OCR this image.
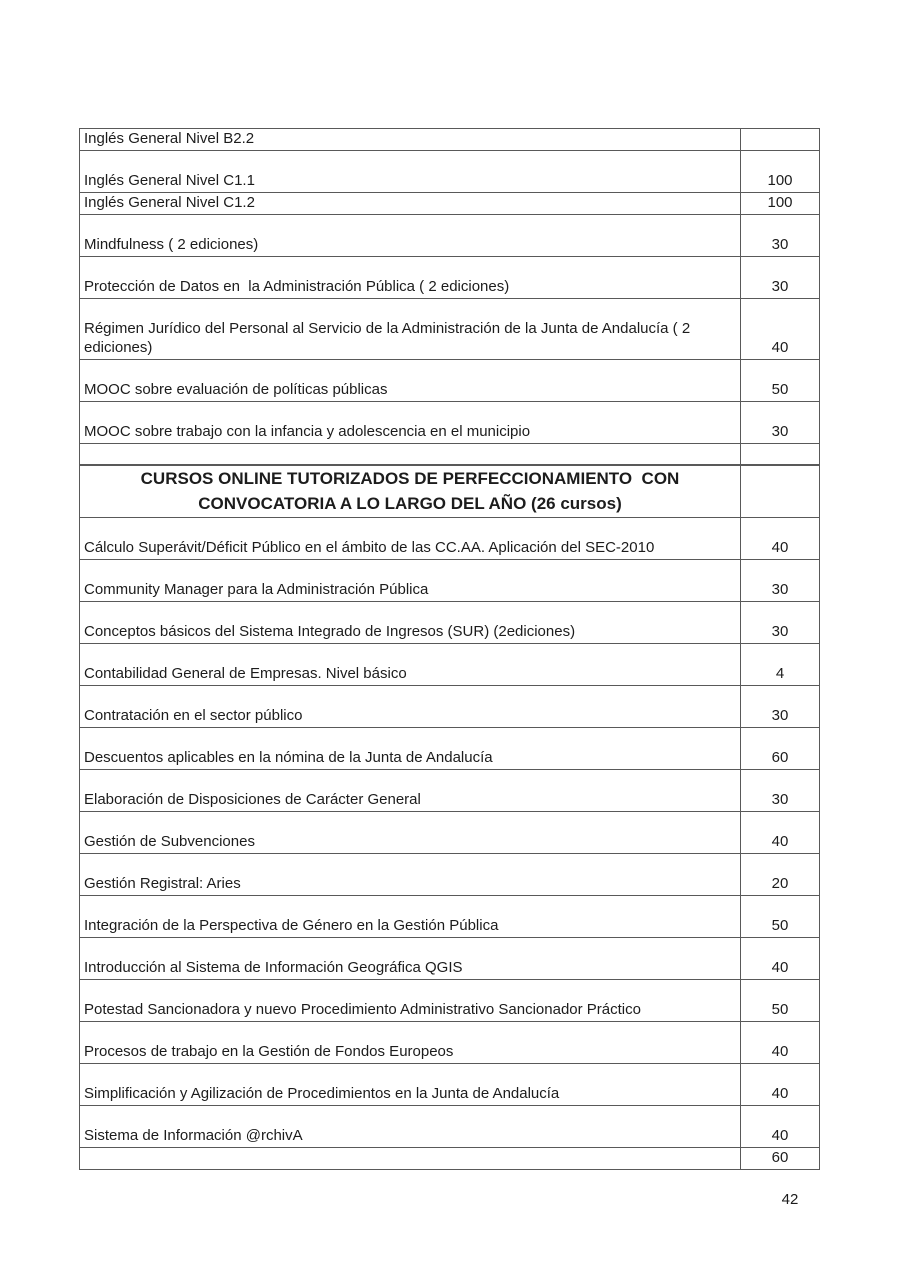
Inglés General Nivel B2.2	
Inglés General Nivel C1.1	100
Inglés General Nivel C1.2	100
Mindfulness ( 2 ediciones)	30
Protección de Datos en  la Administración Pública ( 2 ediciones)	30
Régimen Jurídico del Personal al Servicio de la Administración de la Junta de Andalucía ( 2 ediciones)	40
MOOC sobre evaluación de políticas públicas	50
MOOC sobre trabajo con la infancia y adolescencia en el municipio	30

CURSOS ONLINE TUTORIZADOS DE PERFECCIONAMIENTO  CON CONVOCATORIA A LO LARGO DEL AÑO (26 cursos)	
Cálculo Superávit/Déficit Público en el ámbito de las CC.AA. Aplicación del SEC-2010	40
Community Manager para la Administración Pública	30
Conceptos básicos del Sistema Integrado de Ingresos (SUR) (2ediciones)	30
Contabilidad General de Empresas. Nivel básico	4
Contratación en el sector público	30
Descuentos aplicables en la nómina de la Junta de Andalucía	60
Elaboración de Disposiciones de Carácter General	30
Gestión de Subvenciones	40
Gestión Registral: Aries	20
Integración de la Perspectiva de Género en la Gestión Pública	50
Introducción al Sistema de Información Geográfica QGIS	40
Potestad Sancionadora y nuevo Procedimiento Administrativo Sancionador Práctico	50
Procesos de trabajo en la Gestión de Fondos Europeos	40
Simplificación y Agilización de Procedimientos en la Junta de Andalucía	40
Sistema de Información @rchivA	40
	60
42
